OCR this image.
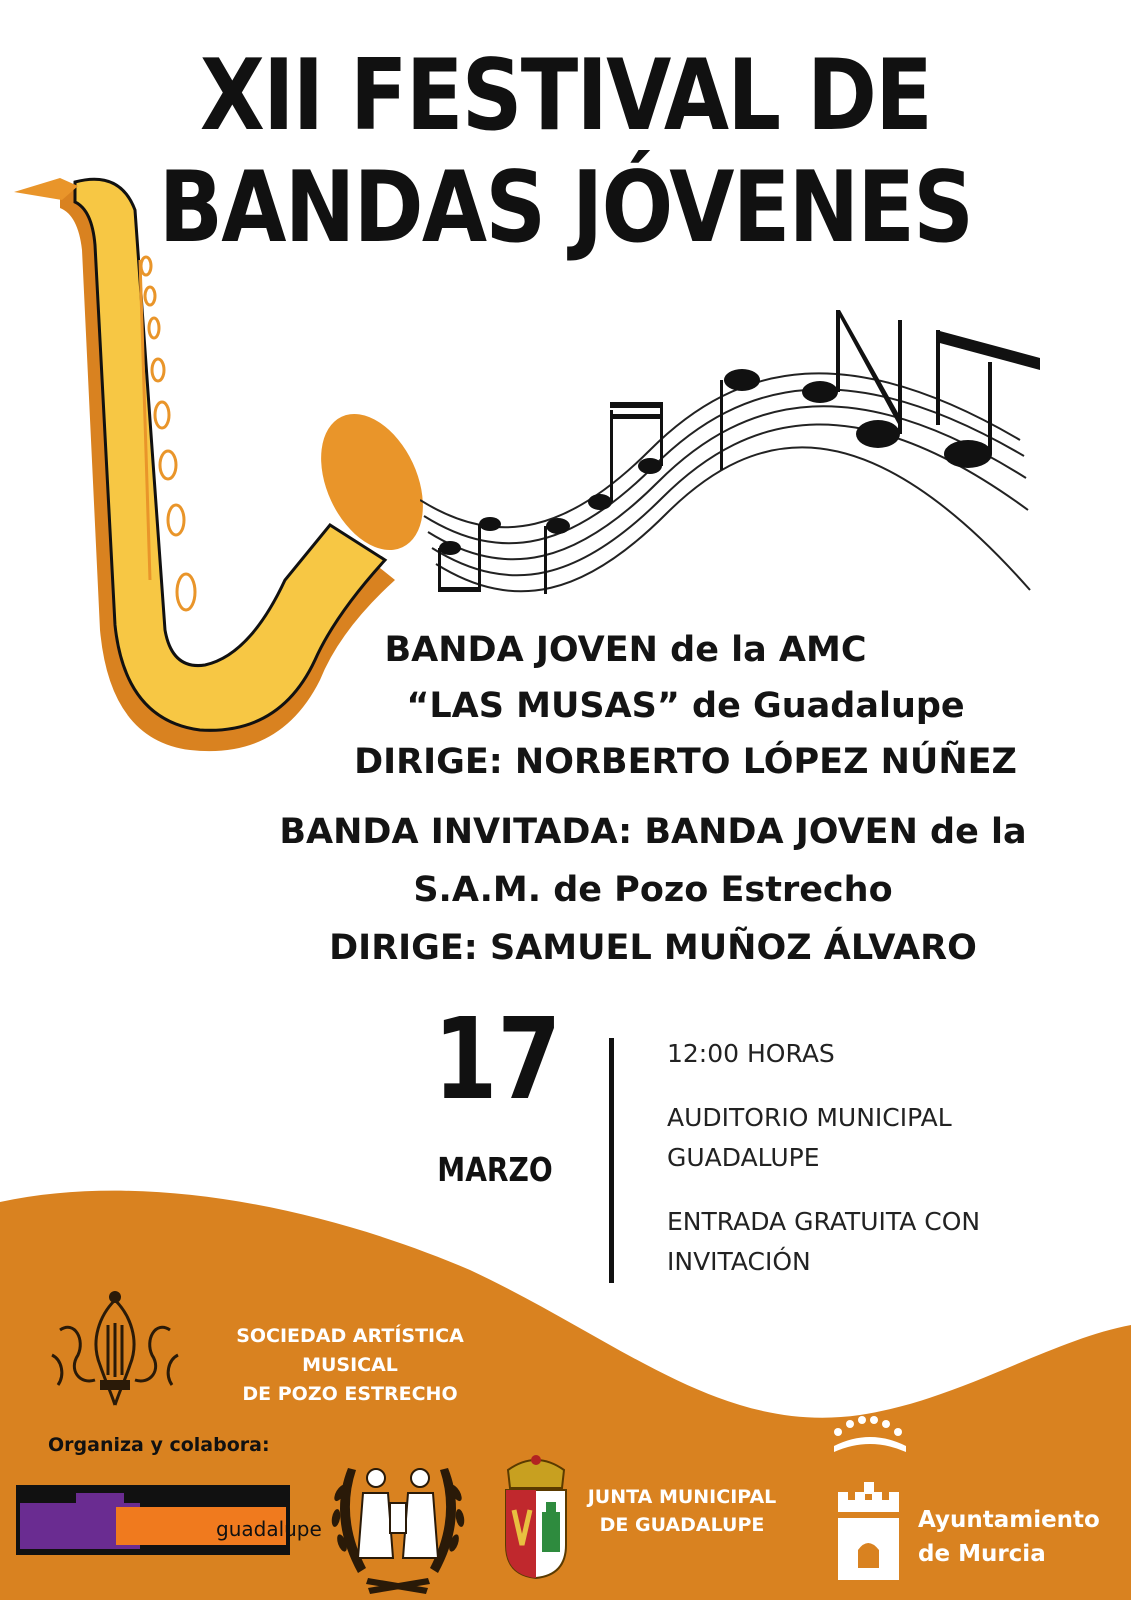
XII FESTIVAL DE
BANDAS JÓVENES
BANDA JOVEN de la AMC
“LAS MUSAS” de Guadalupe
DIRIGE: NORBERTO LÓPEZ NÚÑEZ
BANDA INVITADA: BANDA JOVEN de la
S.A.M. de Pozo Estrecho
DIRIGE: SAMUEL MUÑOZ ÁLVARO
17
MARZO
12:00 HORAS
AUDITORIO MUNICIPAL
GUADALUPE
ENTRADA GRATUITA CON
INVITACIÓN
SOCIEDAD ARTÍSTICA MUSICAL
DE POZO ESTRECHO
Organiza y colabora:
guadalupe
JUNTA MUNICIPAL
DE GUADALUPE	Ayuntamiento
de Murcia
